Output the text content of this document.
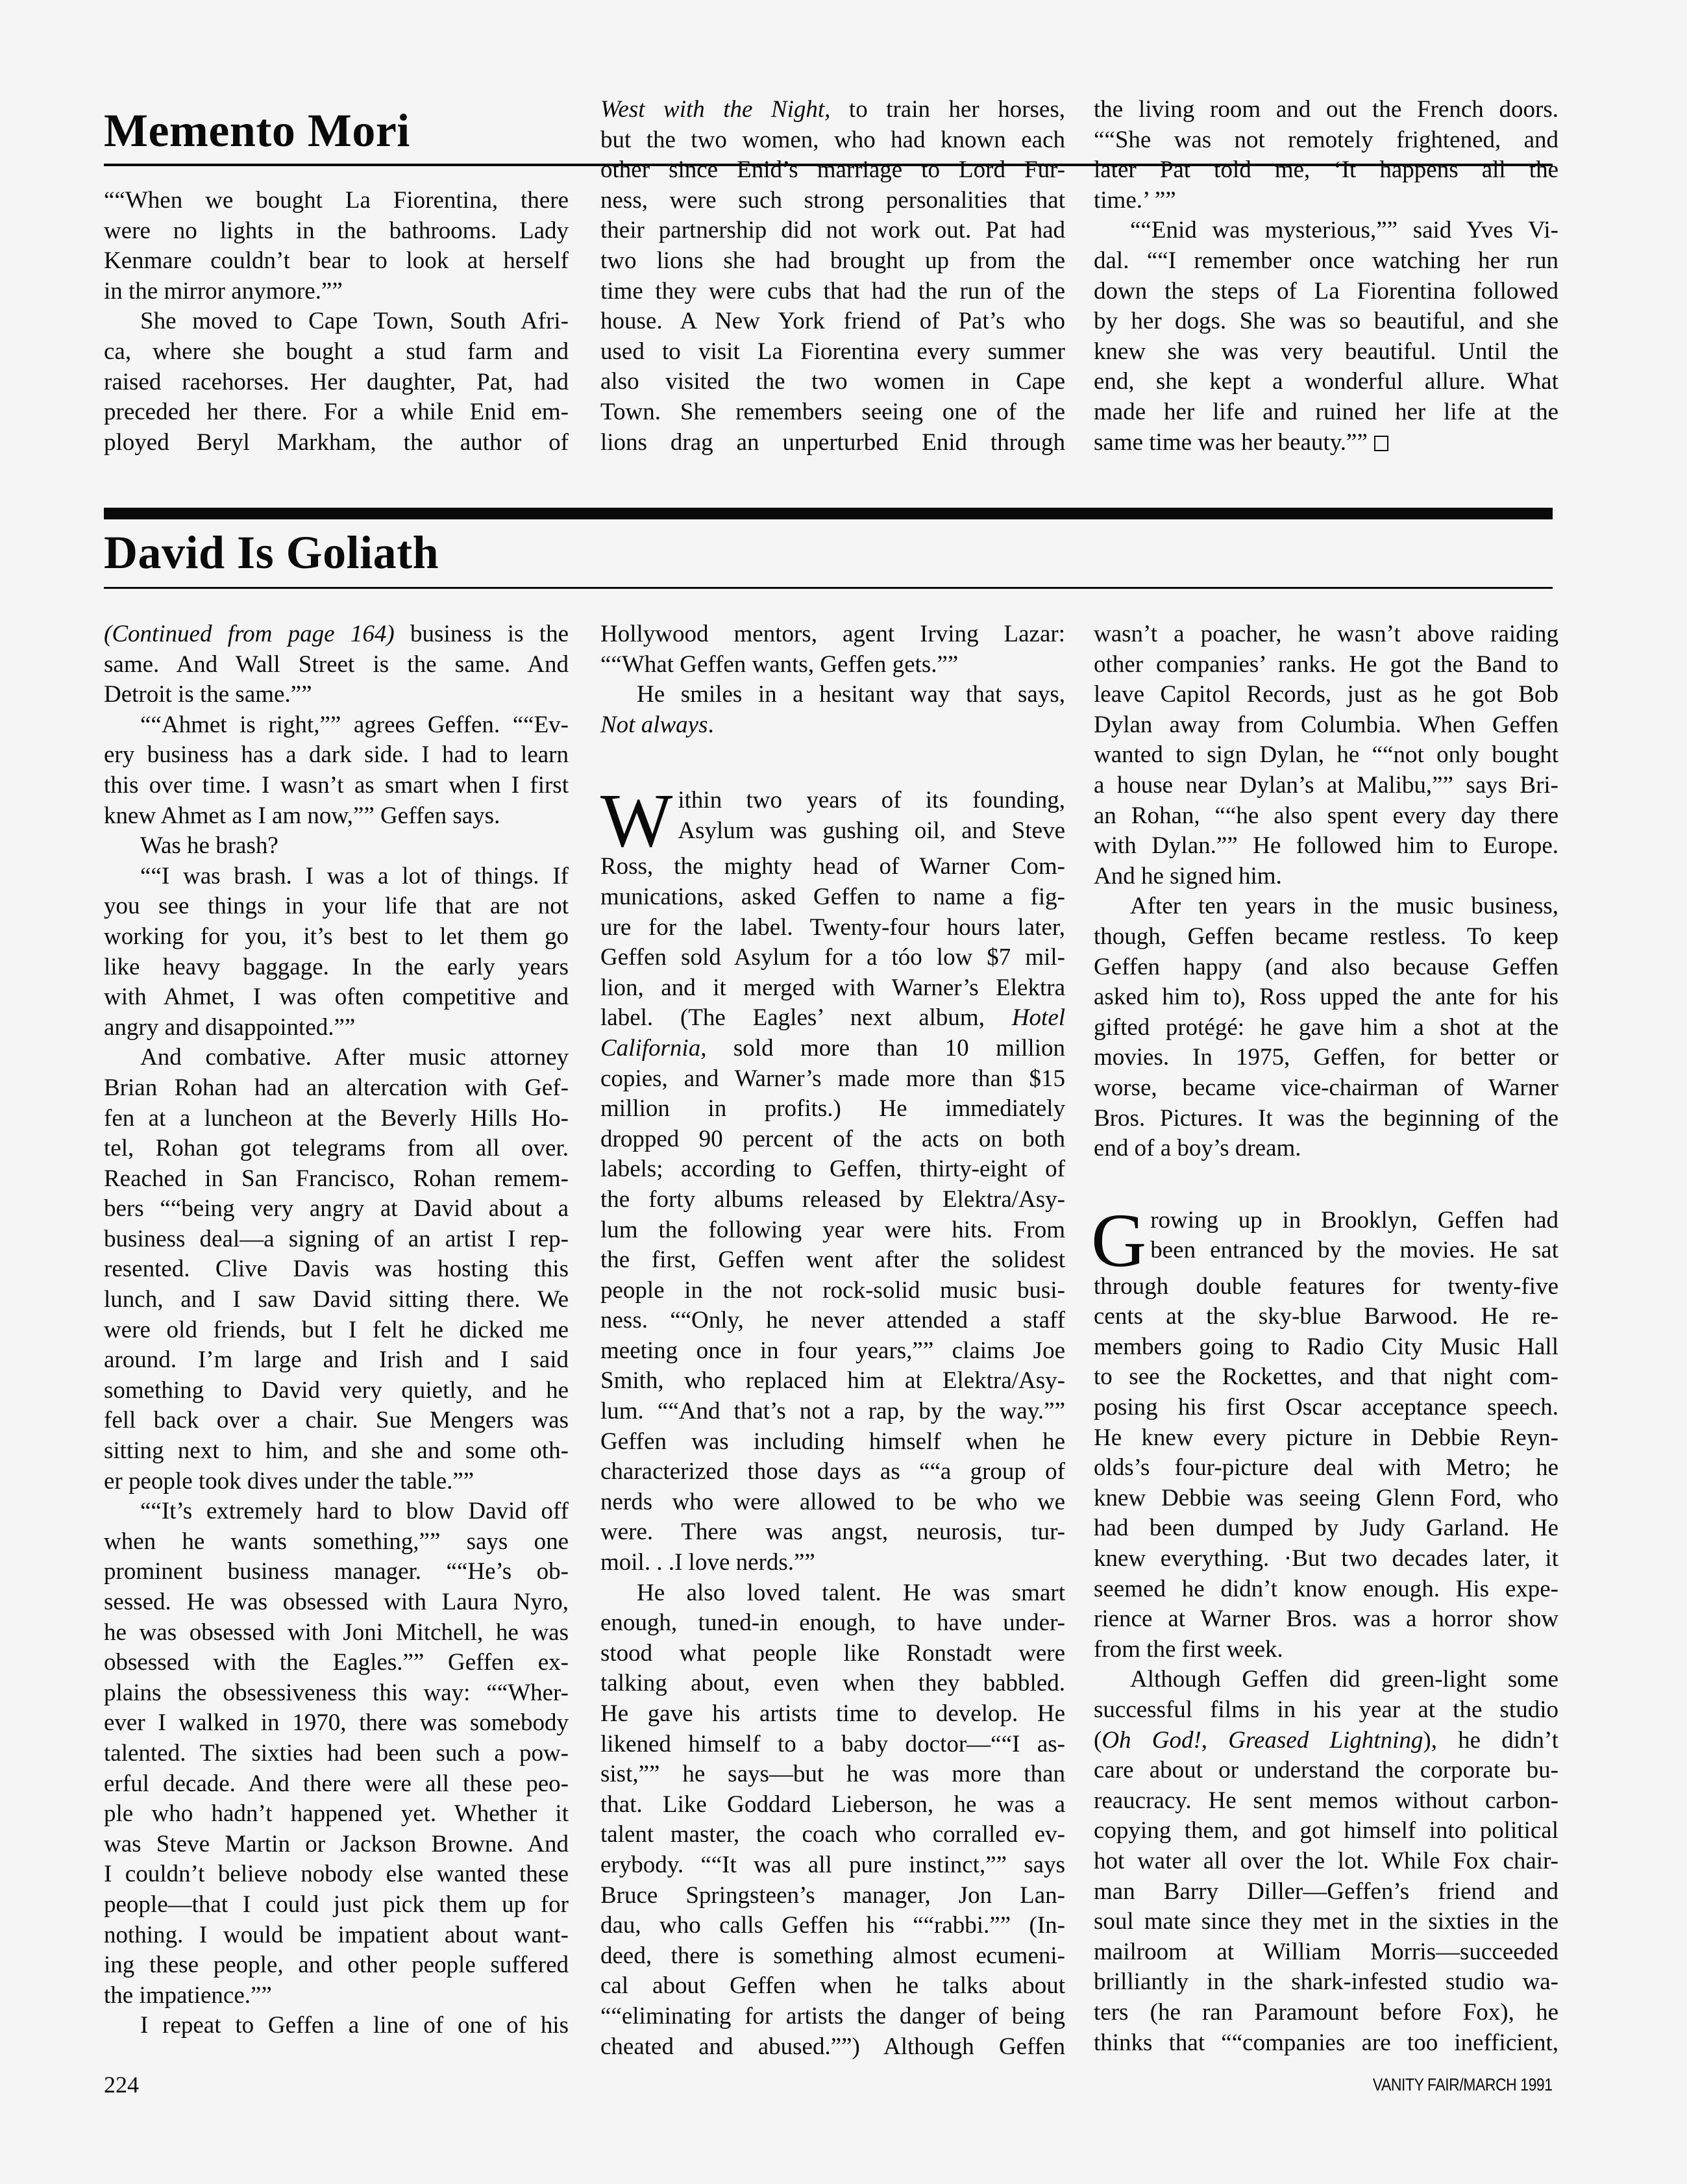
Memento Mori
““When we bought La Fiorentina, there
were no lights in the bathrooms. Lady
Kenmare couldn’t bear to look at herself
in the mirror anymore.””
She moved to Cape Town, South Afri-
ca, where she bought a stud farm and
raised racehorses. Her daughter, Pat, had
preceded her there. For a while Enid em-
ployed Beryl Markham, the author of
West with the Night, to train her horses,
but the two women, who had known each
other since Enid’s marriage to Lord Fur-
ness, were such strong personalities that
their partnership did not work out. Pat had
two lions she had brought up from the
time they were cubs that had the run of the
house. A New York friend of Pat’s who
used to visit La Fiorentina every summer
also visited the two women in Cape
Town. She remembers seeing one of the
lions drag an unperturbed Enid through
the living room and out the French doors.
““She was not remotely frightened, and
later Pat told me, ‘It happens all the
time.’ ””
““Enid was mysterious,”” said Yves Vi-
dal. ““I remember once watching her run
down the steps of La Fiorentina followed
by her dogs. She was so beautiful, and she
knew she was very beautiful. Until the
end, she kept a wonderful allure. What
made her life and ruined her life at the
same time was her beauty.””
David Is Goliath
(Continued from page 164) business is the
same. And Wall Street is the same. And
Detroit is the same.””
““Ahmet is right,”” agrees Geffen. ““Ev-
ery business has a dark side. I had to learn
this over time. I wasn’t as smart when I first
knew Ahmet as I am now,”” Geffen says.
Was he brash?
““I was brash. I was a lot of things. If
you see things in your life that are not
working for you, it’s best to let them go
like heavy baggage. In the early years
with Ahmet, I was often competitive and
angry and disappointed.””
And combative. After music attorney
Brian Rohan had an altercation with Gef-
fen at a luncheon at the Beverly Hills Ho-
tel, Rohan got telegrams from all over.
Reached in San Francisco, Rohan remem-
bers ““being very angry at David about a
business deal—a signing of an artist I rep-
resented. Clive Davis was hosting this
lunch, and I saw David sitting there. We
were old friends, but I felt he dicked me
around. I’m large and Irish and I said
something to David very quietly, and he
fell back over a chair. Sue Mengers was
sitting next to him, and she and some oth-
er people took dives under the table.””
““It’s extremely hard to blow David off
when he wants something,”” says one
prominent business manager. ““He’s ob-
sessed. He was obsessed with Laura Nyro,
he was obsessed with Joni Mitchell, he was
obsessed with the Eagles.”” Geffen ex-
plains the obsessiveness this way: ““Wher-
ever I walked in 1970, there was somebody
talented. The sixties had been such a pow-
erful decade. And there were all these peo-
ple who hadn’t happened yet. Whether it
was Steve Martin or Jackson Browne. And
I couldn’t believe nobody else wanted these
people—that I could just pick them up for
nothing. I would be impatient about want-
ing these people, and other people suffered
the impatience.””
I repeat to Geffen a line of one of his
Hollywood mentors, agent Irving Lazar:
““What Geffen wants, Geffen gets.””
He smiles in a hesitant way that says,
Not always.
W ithin two years of its founding,
Asylum was gushing oil, and Steve
Ross, the mighty head of Warner Com-
munications, asked Geffen to name a fig-
ure for the label. Twenty-four hours later,
Geffen sold Asylum for a tóo low $7 mil-
lion, and it merged with Warner’s Elektra
label. (The Eagles’ next album, Hotel
California, sold more than 10 million
copies, and Warner’s made more than $15
million in profits.) He immediately
dropped 90 percent of the acts on both
labels; according to Geffen, thirty-eight of
the forty albums released by Elektra/Asy-
lum the following year were hits. From
the first, Geffen went after the solidest
people in the not rock-solid music busi-
ness. ““Only, he never attended a staff
meeting once in four years,”” claims Joe
Smith, who replaced him at Elektra/Asy-
lum. ““And that’s not a rap, by the way.””
Geffen was including himself when he
characterized those days as ““a group of
nerds who were allowed to be who we
were. There was angst, neurosis, tur-
moil. . .I love nerds.””
He also loved talent. He was smart
enough, tuned-in enough, to have under-
stood what people like Ronstadt were
talking about, even when they babbled.
He gave his artists time to develop. He
likened himself to a baby doctor—““I as-
sist,”” he says—but he was more than
that. Like Goddard Lieberson, he was a
talent master, the coach who corralled ev-
erybody. ““It was all pure instinct,”” says
Bruce Springsteen’s manager, Jon Lan-
dau, who calls Geffen his ““rabbi.”” (In-
deed, there is something almost ecumeni-
cal about Geffen when he talks about
““eliminating for artists the danger of being
cheated and abused.””) Although Geffen
wasn’t a poacher, he wasn’t above raiding
other companies’ ranks. He got the Band to
leave Capitol Records, just as he got Bob
Dylan away from Columbia. When Geffen
wanted to sign Dylan, he ““not only bought
a house near Dylan’s at Malibu,”” says Bri-
an Rohan, ““he also spent every day there
with Dylan.”” He followed him to Europe.
And he signed him.
After ten years in the music business,
though, Geffen became restless. To keep
Geffen happy (and also because Geffen
asked him to), Ross upped the ante for his
gifted protégé: he gave him a shot at the
movies. In 1975, Geffen, for better or
worse, became vice-chairman of Warner
Bros. Pictures. It was the beginning of the
end of a boy’s dream.
G rowing up in Brooklyn, Geffen had
been entranced by the movies. He sat
through double features for twenty-five
cents at the sky-blue Barwood. He re-
members going to Radio City Music Hall
to see the Rockettes, and that night com-
posing his first Oscar acceptance speech.
He knew every picture in Debbie Reyn-
olds’s four-picture deal with Metro; he
knew Debbie was seeing Glenn Ford, who
had been dumped by Judy Garland. He
knew everything. ·But two decades later, it
seemed he didn’t know enough. His expe-
rience at Warner Bros. was a horror show
from the first week.
Although Geffen did green-light some
successful films in his year at the studio
(Oh God!, Greased Lightning), he didn’t
care about or understand the corporate bu-
reaucracy. He sent memos without carbon-
copying them, and got himself into political
hot water all over the lot. While Fox chair-
man Barry Diller—Geffen’s friend and
soul mate since they met in the sixties in the
mailroom at William Morris—succeeded
brilliantly in the shark-infested studio wa-
ters (he ran Paramount before Fox), he
thinks that ““companies are too inefficient,
224	VANITY FAIR/MARCH 1991
